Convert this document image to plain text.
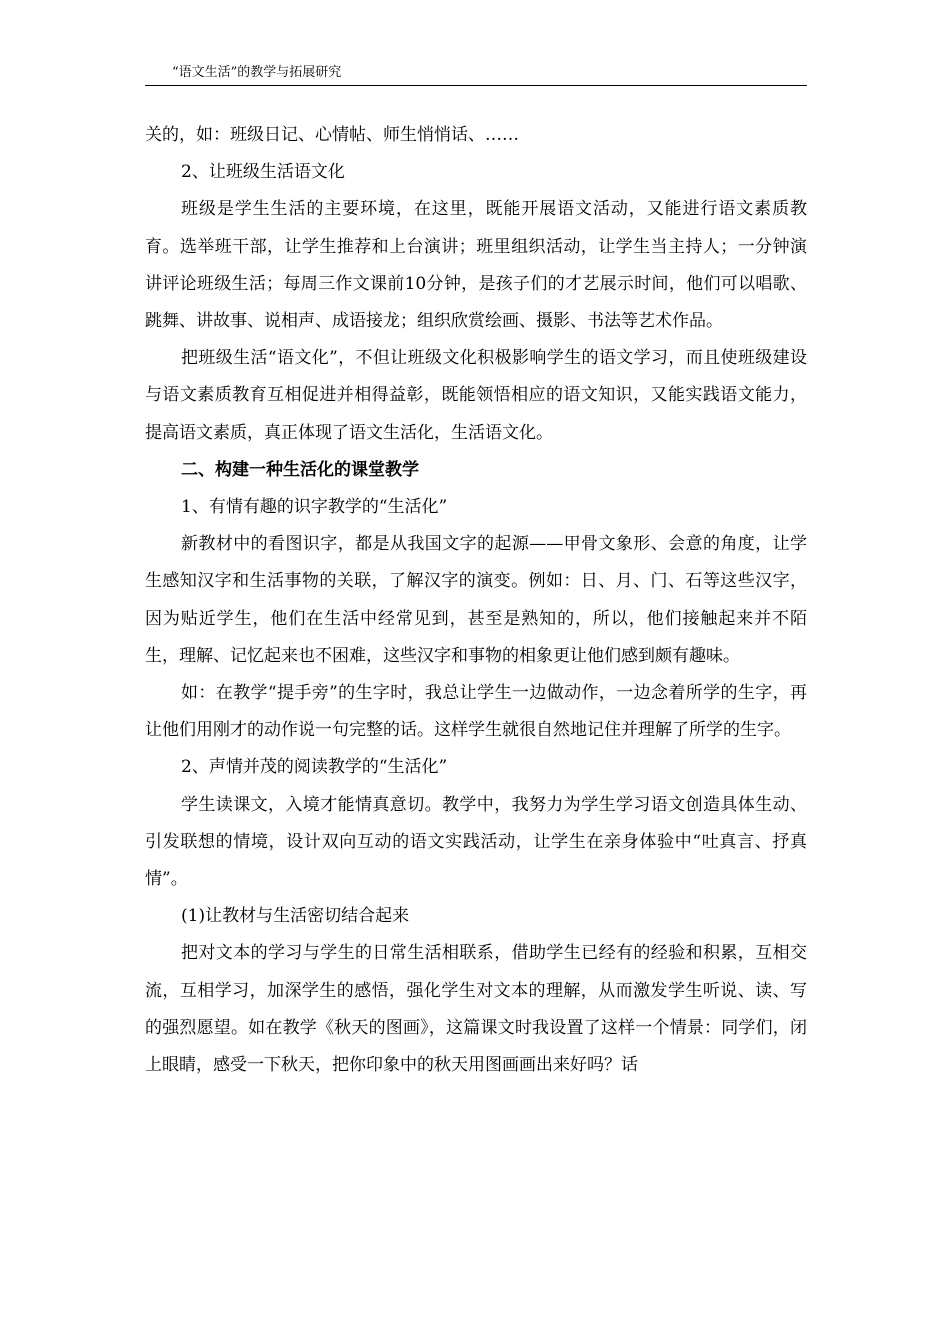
“语文生活”的教学与拓展研究

关的，如：班级日记、心情帖、师生悄悄话、……

2、让班级生活语文化

班级是学生生活的主要环境，在这里，既能开展语文活动，又能进行语文素质教育。选举班干部，让学生推荐和上台演讲；班里组织活动，让学生当主持人；一分钟演讲评论班级生活；每周三作文课前10分钟，是孩子们的才艺展示时间，他们可以唱歌、跳舞、讲故事、说相声、成语接龙；组织欣赏绘画、摄影、书法等艺术作品。

把班级生活“语文化”，不但让班级文化积极影响学生的语文学习，而且使班级建设与语文素质教育互相促进并相得益彰，既能领悟相应的语文知识，又能实践语文能力，提高语文素质，真正体现了语文生活化，生活语文化。

二、构建一种生活化的课堂教学

1、有情有趣的识字教学的“生活化”

新教材中的看图识字，都是从我国文字的起源——甲骨文象形、会意的角度，让学生感知汉字和生活事物的关联，了解汉字的演变。例如：日、月、门、石等这些汉字，因为贴近学生，他们在生活中经常见到，甚至是熟知的，所以，他们接触起来并不陌生，理解、记忆起来也不困难，这些汉字和事物的相象更让他们感到颇有趣味。

如：在教学“提手旁”的生字时，我总让学生一边做动作，一边念着所学的生字，再让他们用刚才的动作说一句完整的话。这样学生就很自然地记住并理解了所学的生字。

2、声情并茂的阅读教学的“生活化”

学生读课文，入境才能情真意切。教学中，我努力为学生学习语文创造具体生动、引发联想的情境，设计双向互动的语文实践活动，让学生在亲身体验中“吐真言、抒真情”。

(1)让教材与生活密切结合起来

把对文本的学习与学生的日常生活相联系，借助学生已经有的经验和积累，互相交流，互相学习，加深学生的感悟，强化学生对文本的理解，从而激发学生听说、读、写的强烈愿望。如在教学《秋天的图画》，这篇课文时我设置了这样一个情景：同学们，闭上眼睛，感受一下秋天，把你印象中的秋天用图画画出来好吗？话
